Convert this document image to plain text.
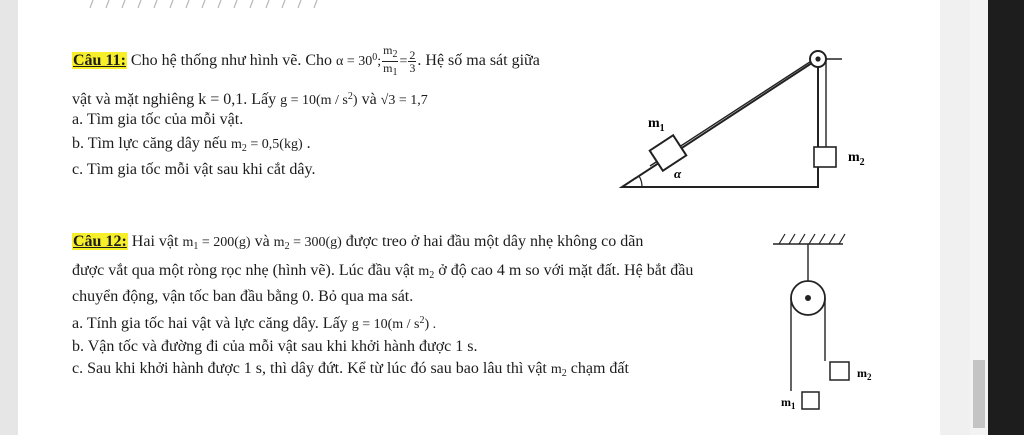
Câu 11: Cho hệ thống như hình vẽ. Cho $\alpha = 30^0$; $\frac{m_2}{m_1} = \frac{2}{3}$ . Hệ số ma sát giữa
vật và mặt nghiêng k = 0,1. Lấy $g = 10(m / s^2)$ và √3 = 1,7
a. Tìm gia tốc của mỗi vật.
b. Tìm lực căng dây nếu $m_2 = 0,5(kg)$ .
c. Tìm gia tốc mỗi vật sau khi cắt dây.
$m_1$
$m_2$
α
Câu 12: Hai vật $m_1 = 200(g)$ và $m_2 = 300(g)$ được treo ở hai đầu một dây nhẹ không co dãn
được vắt qua một ròng rọc nhẹ (hình vẽ). Lúc đầu vật $m_2$ ở độ cao 4 m so với mặt đất. Hệ bắt đầu
chuyển động, vận tốc ban đầu bằng 0. Bỏ qua ma sát.
a. Tính gia tốc hai vật và lực căng dây. Lấy $g = 10(m / s^2)$ .
b. Vận tốc và đường đi của mỗi vật sau khi khởi hành được 1 s.
c. Sau khi khởi hành được 1 s, thì dây đứt. Kể từ lúc đó sau bao lâu thì vật $m_2$ chạm đất	$m_2$
$m_1$
